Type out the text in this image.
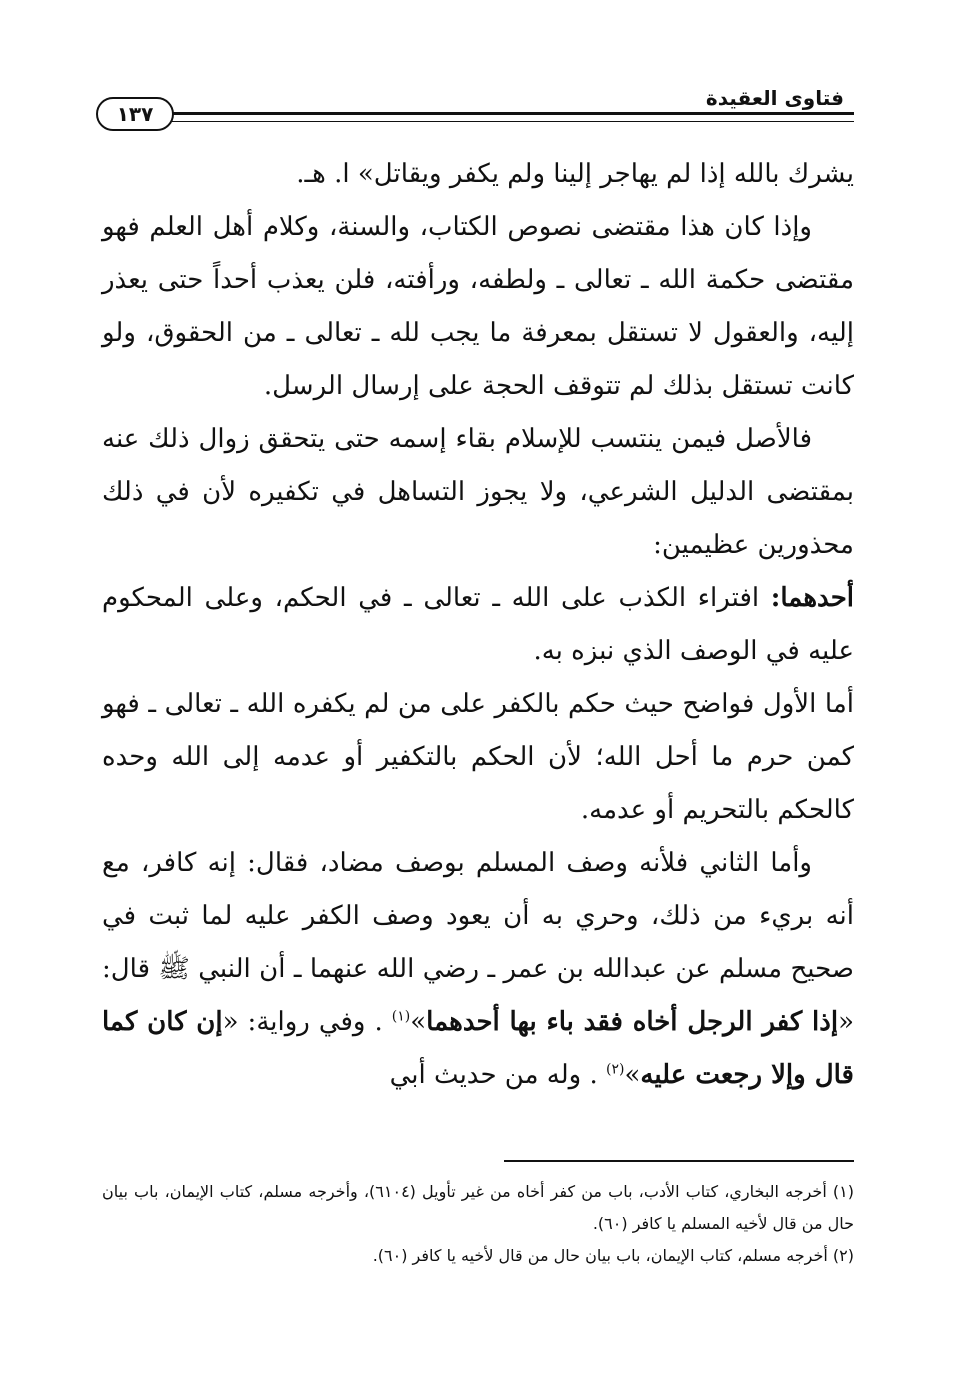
فتاوى العقيدة
١٣٧

يشرك بالله إذا لم يهاجر إلينا ولم يكفر ويقاتل» ا. هـ.

وإذا كان هذا مقتضى نصوص الكتاب، والسنة، وكلام أهل العلم فهو مقتضى حكمة الله ـ تعالى ـ ولطفه، ورأفته، فلن يعذب أحداً حتى يعذر إليه، والعقول لا تستقل بمعرفة ما يجب لله ـ تعالى ـ من الحقوق، ولو كانت تستقل بذلك لم تتوقف الحجة على إرسال الرسل.

فالأصل فيمن ينتسب للإسلام بقاء إسمه حتى يتحقق زوال ذلك عنه بمقتضى الدليل الشرعي، ولا يجوز التساهل في تكفيره لأن في ذلك محذورين عظيمين:

أحدهما: افتراء الكذب على الله ـ تعالى ـ في الحكم، وعلى المحكوم عليه في الوصف الذي نبزه به.

أما الأول فواضح حيث حكم بالكفر على من لم يكفره الله ـ تعالى ـ فهو كمن حرم ما أحل الله؛ لأن الحكم بالتكفير أو عدمه إلى الله وحده كالحكم بالتحريم أو عدمه.

وأما الثاني فلأنه وصف المسلم بوصف مضاد، فقال: إنه كافر، مع أنه بريء من ذلك، وحري به أن يعود وصف الكفر عليه لما ثبت في صحيح مسلم عن عبدالله بن عمر ـ رضي الله عنهما ـ أن النبي ﷺ قال: «إذا كفر الرجل أخاه فقد باء بها أحدهما»$^{(١)}$ . وفي رواية: «إن كان كما قال وإلا رجعت عليه»$^{(٢)}$ . وله من حديث أبي

(١) أخرجه البخاري، كتاب الأدب، باب من كفر أخاه من غير تأويل (٦١٠٤)، وأخرجه مسلم، كتاب الإيمان، باب بيان حال من قال لأخيه المسلم يا كافر (٦٠).

(٢) أخرجه مسلم، كتاب الإيمان، باب بيان حال من قال لأخيه يا كافر (٦٠).
